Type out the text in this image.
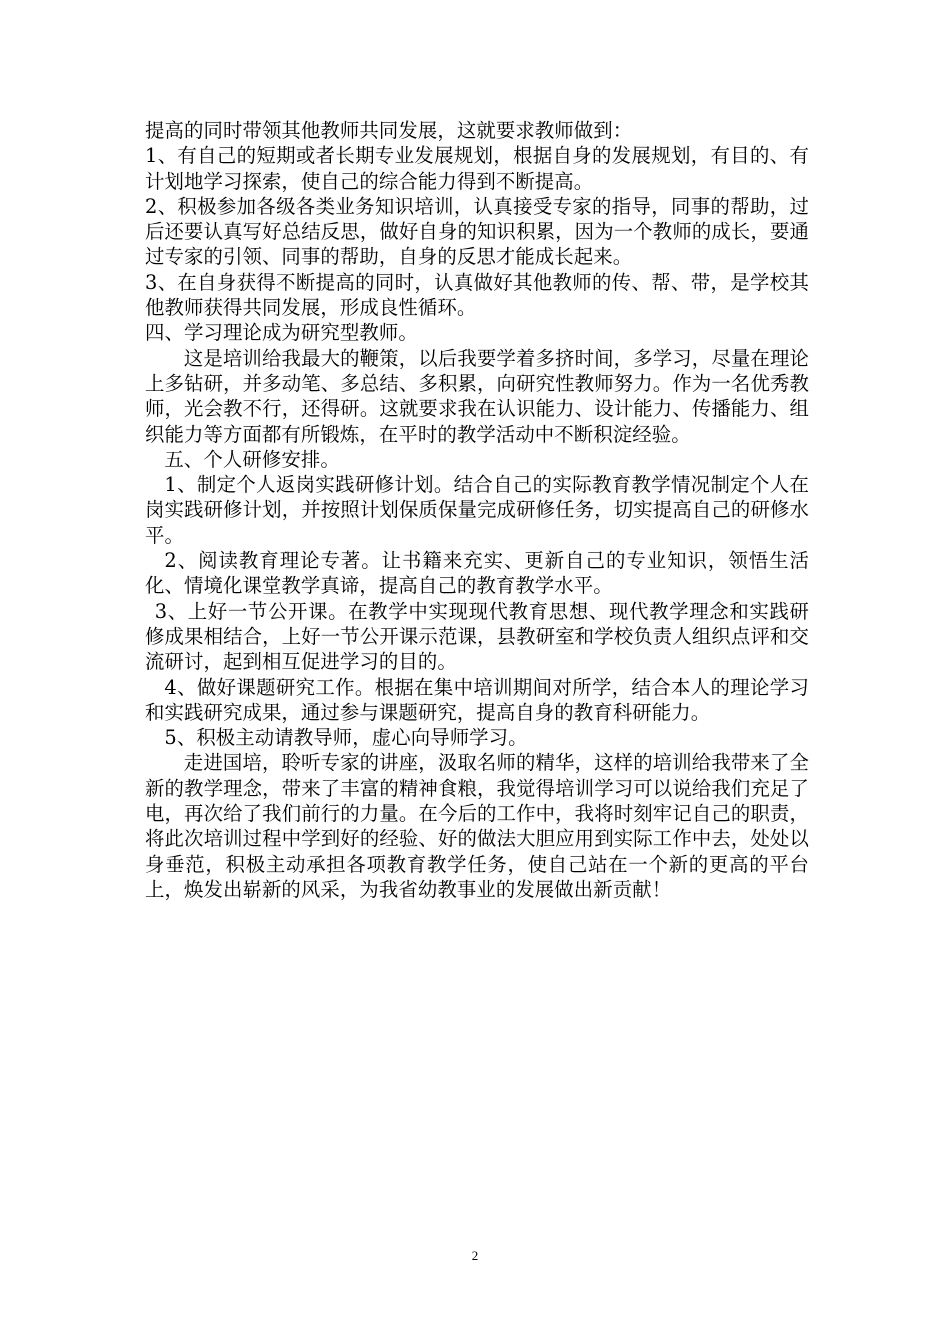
提高的同时带领其他教师共同发展，这就要求教师做到：

1、有自己的短期或者长期专业发展规划，根据自身的发展规划，有目的、有计划地学习探索，使自己的综合能力得到不断提高。

2、积极参加各级各类业务知识培训，认真接受专家的指导，同事的帮助，过后还要认真写好总结反思，做好自身的知识积累，因为一个教师的成长，要通过专家的引领、同事的帮助，自身的反思才能成长起来。

3、在自身获得不断提高的同时，认真做好其他教师的传、帮、带，是学校其他教师获得共同发展，形成良性循环。

四、学习理论成为研究型教师。

这是培训给我最大的鞭策，以后我要学着多挤时间，多学习，尽量在理论上多钻研，并多动笔、多总结、多积累，向研究性教师努力。作为一名优秀教师，光会教不行，还得研。这就要求我在认识能力、设计能力、传播能力、组织能力等方面都有所锻炼，在平时的教学活动中不断积淀经验。

五、个人研修安排。

1、制定个人返岗实践研修计划。结合自己的实际教育教学情况制定个人在岗实践研修计划，并按照计划保质保量完成研修任务，切实提高自己的研修水平。

2、阅读教育理论专著。让书籍来充实、更新自己的专业知识，领悟生活化、情境化课堂教学真谛，提高自己的教育教学水平。

3、上好一节公开课。在教学中实现现代教育思想、现代教学理念和实践研修成果相结合，上好一节公开课示范课，县教研室和学校负责人组织点评和交流研讨，起到相互促进学习的目的。

4、做好课题研究工作。根据在集中培训期间对所学，结合本人的理论学习和实践研究成果，通过参与课题研究，提高自身的教育科研能力。

5、积极主动请教导师，虚心向导师学习。

走进国培，聆听专家的讲座，汲取名师的精华，这样的培训给我带来了全新的教学理念，带来了丰富的精神食粮，我觉得培训学习可以说给我们充足了电，再次给了我们前行的力量。在今后的工作中，我将时刻牢记自己的职责，将此次培训过程中学到好的经验、好的做法大胆应用到实际工作中去，处处以身垂范，积极主动承担各项教育教学任务，使自己站在一个新的更高的平台上，焕发出崭新的风采，为我省幼教事业的发展做出新贡献！

2
